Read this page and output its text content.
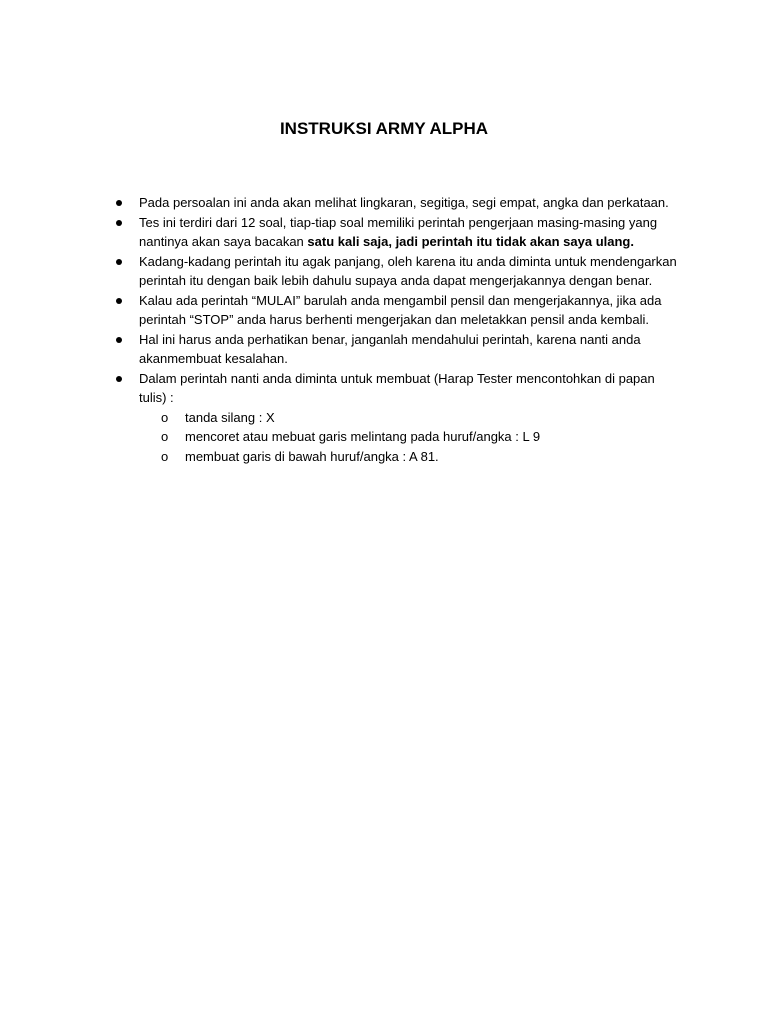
INSTRUKSI ARMY ALPHA
Pada persoalan ini anda akan melihat lingkaran, segitiga, segi empat, angka dan perkataan.
Tes ini terdiri dari 12 soal, tiap-tiap soal memiliki perintah pengerjaan masing-masing yang nantinya akan saya bacakan satu kali saja, jadi perintah itu tidak akan saya ulang.
Kadang-kadang perintah itu agak panjang, oleh karena itu anda diminta untuk mendengarkan perintah itu dengan baik lebih dahulu supaya anda dapat mengerjakannya dengan benar.
Kalau ada perintah “MULAI” barulah anda mengambil pensil dan mengerjakannya, jika ada perintah “STOP” anda harus berhenti mengerjakan dan meletakkan pensil anda kembali.
Hal ini harus anda perhatikan benar, janganlah mendahului perintah, karena nanti anda akanmembuat kesalahan.
Dalam perintah nanti anda diminta untuk membuat (Harap Tester mencontohkan di papan tulis) :
o tanda silang : X
o mencoret atau mebuat garis melintang pada huruf/angka : L 9
o membuat garis di bawah huruf/angka : A 81.
